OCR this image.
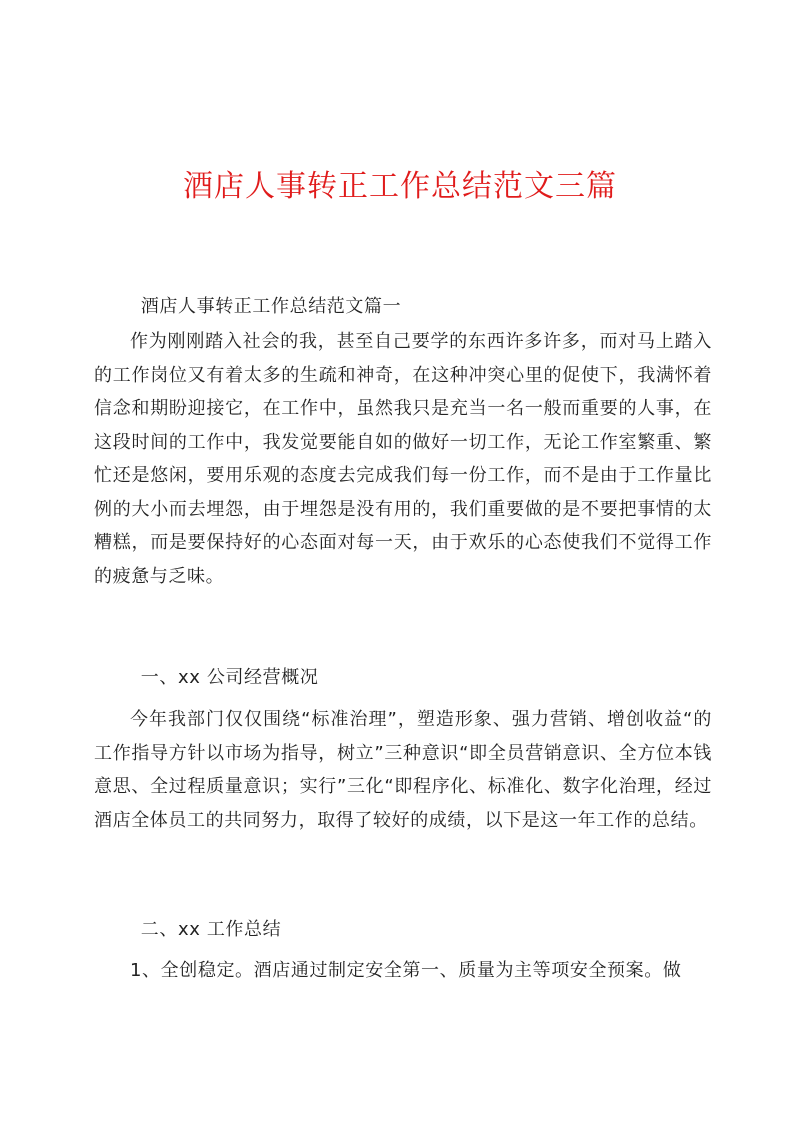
酒店人事转正工作总结范文三篇
酒店人事转正工作总结范文篇一

作为刚刚踏入社会的我，甚至自己要学的东西许多许多，而对马上踏入的工作岗位又有着太多的生疏和神奇，在这种冲突心里的促使下，我满怀着信念和期盼迎接它，在工作中，虽然我只是充当一名一般而重要的人事，在这段时间的工作中，我发觉要能自如的做好一切工作，无论工作室繁重、繁忙还是悠闲，要用乐观的态度去完成我们每一份工作，而不是由于工作量比例的大小而去埋怨，由于埋怨是没有用的，我们重要做的是不要把事情的太糟糕，而是要保持好的心态面对每一天，由于欢乐的心态使我们不觉得工作的疲惫与乏味。

一、xx 公司经营概况

今年我部门仅仅围绕“标准治理”，塑造形象、强力营销、增创收益“的工作指导方针以市场为指导，树立”三种意识“即全员营销意识、全方位本钱意思、全过程质量意识；实行”三化“即程序化、标准化、数字化治理，经过酒店全体员工的共同努力，取得了较好的成绩，以下是这一年工作的总结。

二、xx 工作总结

1、全创稳定。酒店通过制定安全第一、质量为主等项安全预案。做
